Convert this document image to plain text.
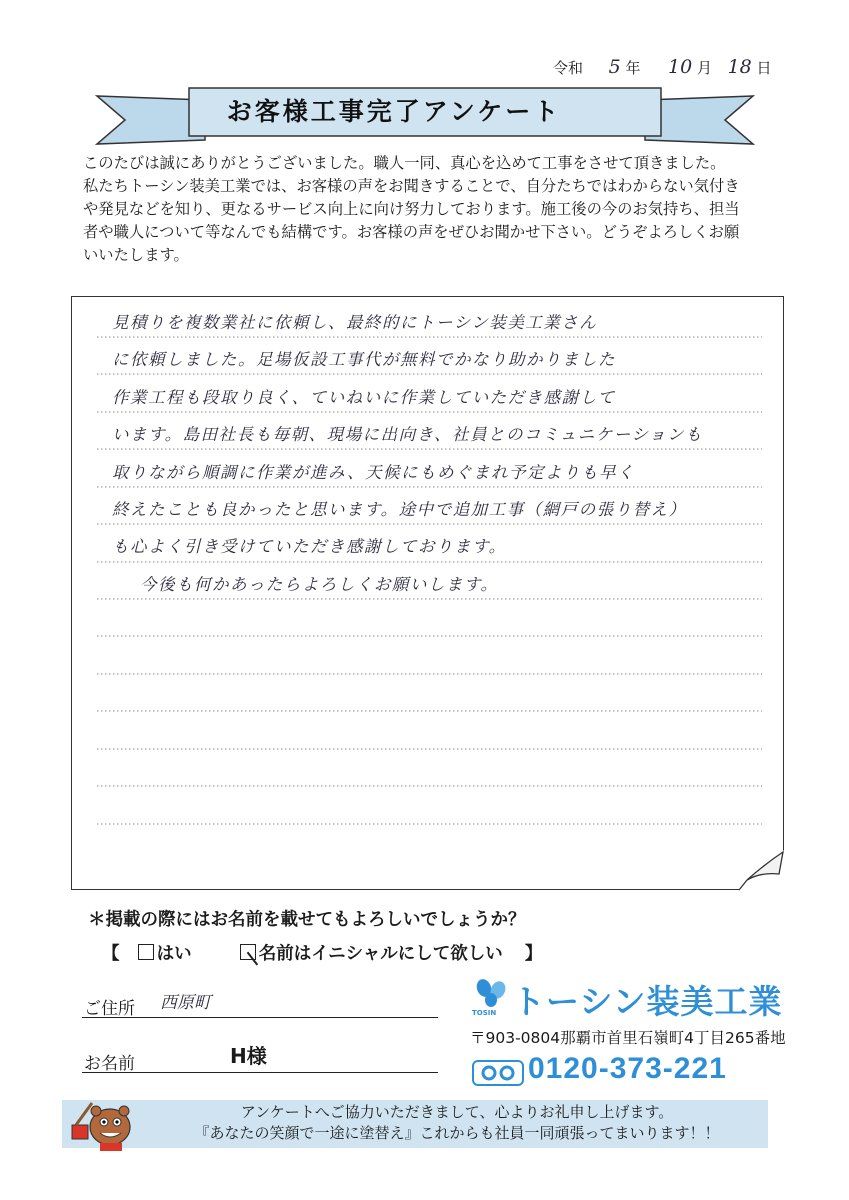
令和 5 年 10 月 18 日
お客様工事完了アンケート

このたびは誠にありがとうございました。職人一同、真心を込めて工事をさせて頂きました。

私たちトーシン装美工業では、お客様の声をお聞きすることで、自分たちではわからない気付き

や発見などを知り、更なるサービス向上に向け努力しております。施工後の今のお気持ち、担当

者や職人について等なんでも結構です。お客様の声をぜひお聞かせ下さい。どうぞよろしくお願

いいたします。

見積りを複数業社に依頼し、最終的にトーシン装美工業さん
に依頼しました。足場仮設工事代が無料でかなり助かりました
作業工程も段取り良く、ていねいに作業していただき感謝して
います。島田社長も毎朝、現場に出向き、社員とのコミュニケーションも
取りながら順調に作業が進み、天候にもめぐまれ予定よりも早く
終えたことも良かったと思います。途中で追加工事（網戸の張り替え）
も心よく引き受けていただき感謝しております。
今後も何かあったらよろしくお願いします。
＊掲載の際にはお名前を載せてもよろしいでしょうか？
【 はい	名前はイニシャルにして欲しい 】
ご住所 西原町
お名前	H様
TOSIN トーシン装美工業
〒903-0804那覇市首里石嶺町4丁目265番地
0120-373-221

アンケートへご協力いただきまして、心よりお礼申し上げます。

『あなたの笑顔で一途に塗替え』これからも社員一同頑張ってまいります！！
